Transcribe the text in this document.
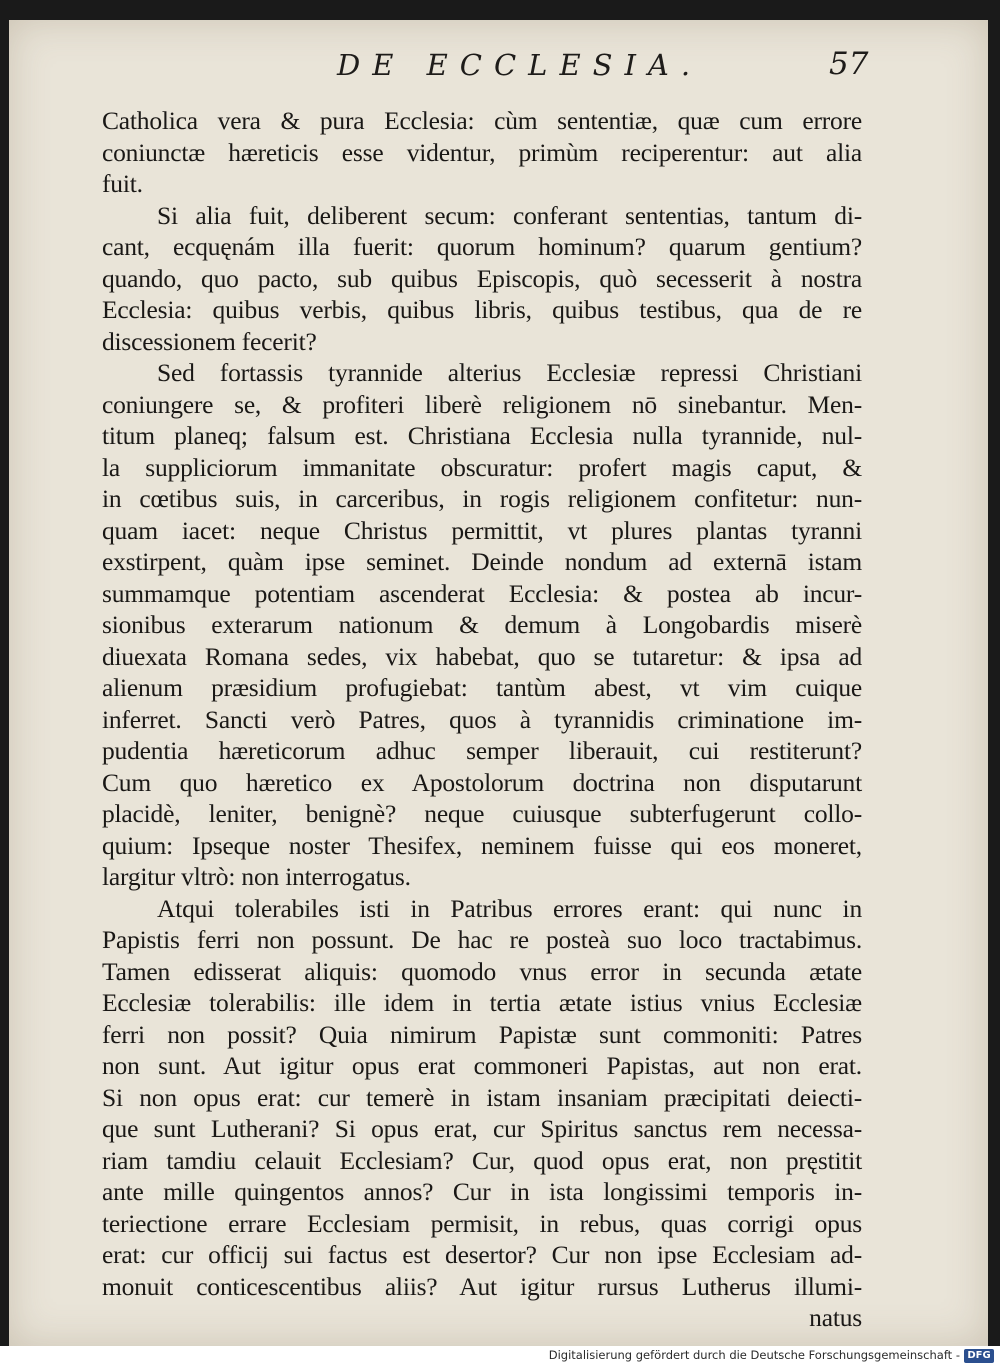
DE ECCLESIA.	57
Catholica vera & pura Ecclesia: cùm sententiæ, quæ cum errore
coniunctæ hæreticis esse videntur, primùm reciperentur: aut alia
fuit.
Si alia fuit, deliberent secum: conferant sententias, tantum di-
cant, ecquęnám illa fuerit: quorum hominum? quarum gentium?
quando, quo pacto, sub quibus Episcopis, quò secesserit à nostra
Ecclesia: quibus verbis, quibus libris, quibus testibus, qua de re
discessionem fecerit?
Sed fortassis tyrannide alterius Ecclesiæ repressi Christiani
coniungere se, & profiteri liberè religionem nō sinebantur. Men-
titum planeq; falsum est. Christiana Ecclesia nulla tyrannide, nul-
la suppliciorum immanitate obscuratur: profert magis caput, &
in cœtibus suis, in carceribus, in rogis religionem confitetur: nun-
quam iacet: neque Christus permittit, vt plures plantas tyranni
exstirpent, quàm ipse seminet. Deinde nondum ad externā istam
summamque potentiam ascenderat Ecclesia: & postea ab incur-
sionibus exterarum nationum & demum à Longobardis miserè
diuexata Romana sedes, vix habebat, quo se tutaretur: & ipsa ad
alienum præsidium profugiebat: tantùm abest, vt vim cuique
inferret. Sancti verò Patres, quos à tyrannidis criminatione im-
pudentia hæreticorum adhuc semper liberauit, cui restiterunt?
Cum quo hæretico ex Apostolorum doctrina non disputarunt
placidè, leniter, benignè? neque cuiusque subterfugerunt collo-
quium: Ipseque noster Thesifex, neminem fuisse qui eos moneret,
largitur vltrò: non interrogatus.
Atqui tolerabiles isti in Patribus errores erant: qui nunc in
Papistis ferri non possunt. De hac re posteà suo loco tractabimus.
Tamen edisserat aliquis: quomodo vnus error in secunda ætate
Ecclesiæ tolerabilis: ille idem in tertia ætate istius vnius Ecclesiæ
ferri non possit? Quia nimirum Papistæ sunt commoniti: Patres
non sunt. Aut igitur opus erat commoneri Papistas, aut non erat.
Si non opus erat: cur temerè in istam insaniam præcipitati deiecti-
que sunt Lutherani? Si opus erat, cur Spiritus sanctus rem necessa-
riam tamdiu celauit Ecclesiam? Cur, quod opus erat, non pręstitit
ante mille quingentos annos? Cur in ista longissimi temporis in-
teriectione errare Ecclesiam permisit, in rebus, quas corrigi opus
erat: cur officij sui factus est desertor? Cur non ipse Ecclesiam ad-
monuit conticescentibus aliis? Aut igitur rursus Lutherus illumi-
natus
Digitalisierung gefördert durch die Deutsche Forschungsgemeinschaft - DFG
